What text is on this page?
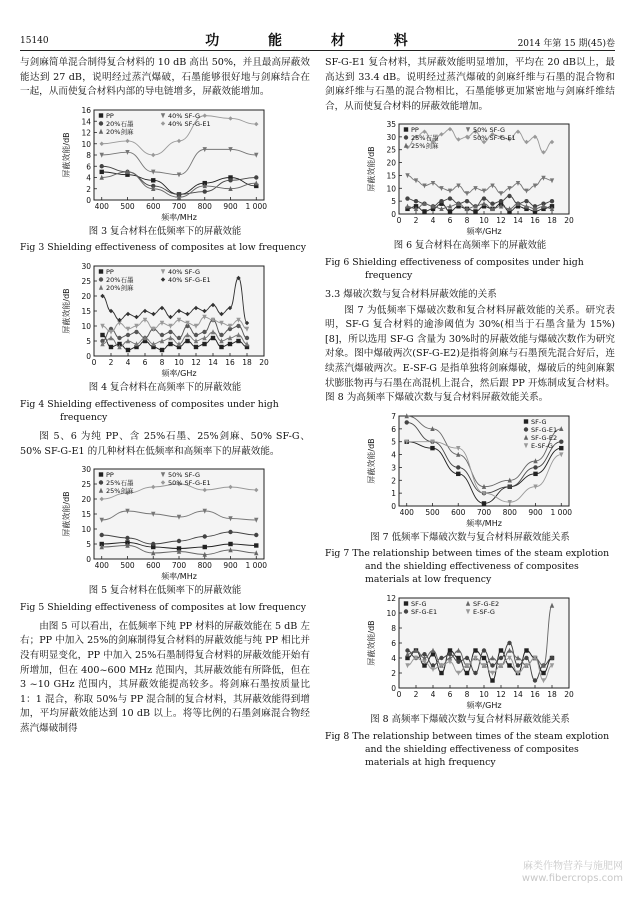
15140	功 能 材 料	2014 年第 15 期(45)卷

与剑麻简单混合制得复合材料的 10 dB 高出 50%，并且最高屏蔽效能达到 27 dB，说明经过蒸汽爆破，石墨能够很好地与剑麻结合在一起，从而使复合材料内部的导电链增多，屏蔽效能增加。

0
2
4
6
8
10
12
14
16
400 500 600 700 800 900 1 000
频率/MHz
屏蔽效能/dB
PP
20%石墨
20%剑麻
40% SF-G
40% SF-G-E1
图 3 复合材料在低频率下的屏蔽效能
Fig 3 Shielding effectiveness of composites at low frequency
0
5
10
15
20
25
30
0 2 4 6 8 10 12 14 16 18 20
频率/GHz
屏蔽效能/dB
PP
20%石墨
20%剑麻
40% SF-G
40% SF-G-E1
图 4 复合材料在高频率下的屏蔽效能
Fig 4 Shielding effectiveness of composites under high frequency

图 5、6 为纯 PP、含 25%石墨、25%剑麻、50% SF-G、50% SF-G-E1 的几种材料在低频率和高频率下的屏蔽效能。

0
5
10
15
20
25
30
400 500 600 700 800 900 1 000
频率/MHz
屏蔽效能/dB
PP
25%石墨
25%剑麻
50% SF-G
50% SF-G-E1
图 5 复合材料在低频率下的屏蔽效能
Fig 5 Shielding effectiveness of composites at low frequency

由图 5 可以看出，在低频率下纯 PP 材料的屏蔽效能在 5 dB 左右；PP 中加入 25%的剑麻制得复合材料的屏蔽效能与纯 PP 相比并没有明显变化，PP 中加入 25%石墨制得复合材料的屏蔽效能开始有所增加，但在 400~600 MHz 范围内，其屏蔽效能有所降低，但在 3 ~10 GHz 范围内，其屏蔽效能提高较多。将剑麻石墨按质量比 1：1 混合，称取 50%与 PP 混合制的复合材料，其屏蔽效能得到增加，平均屏蔽效能达到 10 dB 以上。将等比例的石墨剑麻混合物经蒸汽爆破制得

SF-G-E1 复合材料，其屏蔽效能明显增加，平均在 20 dB以上，最高达到 33.4 dB。说明经过蒸汽爆破的剑麻纤维与石墨的混合物和剑麻纤维与石墨的混合物相比，石墨能够更加紧密地与剑麻纤维结合，从而使复合材料的屏蔽效能增加。

0
5
10
15
20
25
30
35
0 2 4 6 8 10 12 14 16 18 20
频率/GHz
屏蔽效能/dB
PP
25%石墨
25%剑麻
50% SF-G
50% SF-G-E1
图 6 复合材料在高频率下的屏蔽效能
Fig 6 Shielding effectiveness of composites under high frequency
3.3 爆破次数与复合材料屏蔽效能的关系

图 7 为低频率下爆破次数和复合材料屏蔽效能的关系。研究表明，SF-G 复合材料的逾渗阈值为 30%(相当于石墨含量为 15%)[8]，所以选用 SF-G 含量为 30%时的屏蔽效能与爆破次数作为研究对象。图中爆破两次(SF-G-E2)是指将剑麻与石墨预先混合好后，连续蒸汽爆破两次。E-SF-G 是指单独将剑麻爆破，爆破后的纯剑麻絮状膨胀物再与石墨在高混机上混合，然后跟 PP 开炼制成复合材料。图 8 为高频率下爆破次数与复合材料屏蔽效能关系。

0
1
2
3
4
5
6
7
400 500 600 700 800 900 1 000
频率/MHz
屏蔽效能/dB
SF-G
SF-G-E1
SF-G-E2
E-SF-G
图 7 低频率下爆破次数与复合材料屏蔽效能关系
Fig 7 The relationship between times of the steam explotion and the shielding effectiveness of composites materials at low frequency
0
2
4
6
8
10
12
0 2 4 6 8 10 12 14 16 18 20
频率/GHz
屏蔽效能/dB
SF-G
SF-G-E1
SF-G-E2
E-SF-G
图 8 高频率下爆破次数与复合材料屏蔽效能关系
Fig 8 The relationship between times of the steam explotion and the shielding effectiveness of composites materials at high frequency
麻类作物营养与施肥网
www.fibercrops.com
